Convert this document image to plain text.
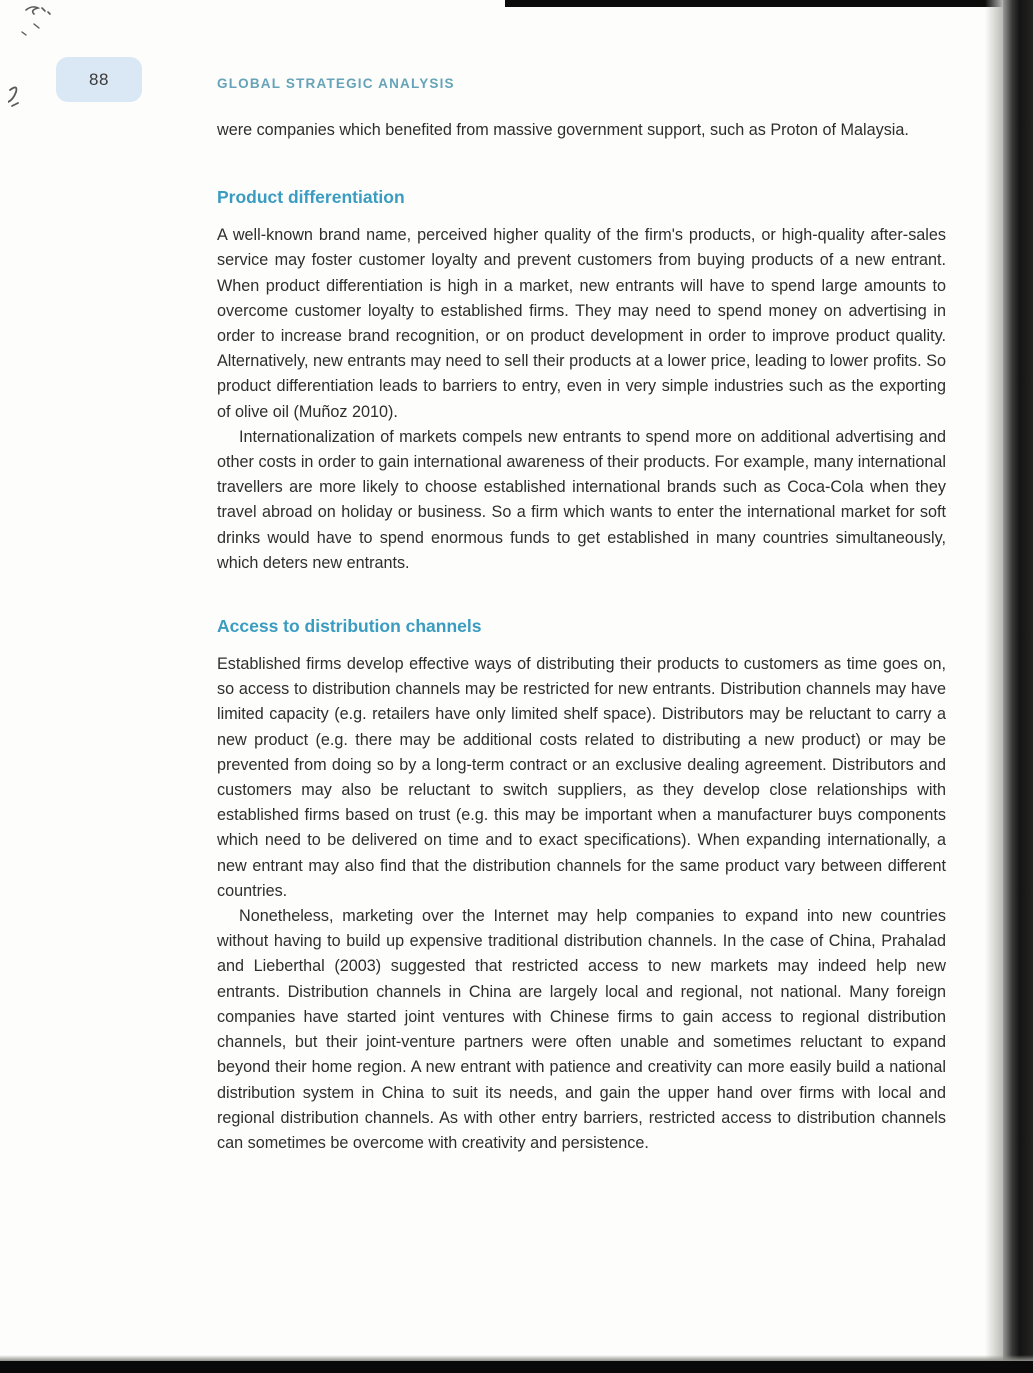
88	GLOBAL STRATEGIC ANALYSIS

were companies which benefited from massive government support, such as Proton of Malaysia.

Product differentiation

A well-known brand name, perceived higher quality of the firm's products, or high-quality after-sales service may foster customer loyalty and prevent customers from buying products of a new entrant. When product differentiation is high in a market, new entrants will have to spend large amounts to overcome customer loyalty to established firms. They may need to spend money on advertising in order to increase brand recognition, or on product development in order to improve product quality. Alternatively, new entrants may need to sell their products at a lower price, leading to lower profits. So product differentiation leads to barriers to entry, even in very simple industries such as the exporting of olive oil (Muñoz 2010).

Internationalization of markets compels new entrants to spend more on additional advertising and other costs in order to gain international awareness of their products. For example, many international travellers are more likely to choose established international brands such as Coca-Cola when they travel abroad on holiday or business. So a firm which wants to enter the international market for soft drinks would have to spend enormous funds to get established in many countries simultaneously, which deters new entrants.

Access to distribution channels

Established firms develop effective ways of distributing their products to customers as time goes on, so access to distribution channels may be restricted for new entrants. Distribution channels may have limited capacity (e.g. retailers have only limited shelf space). Distributors may be reluctant to carry a new product (e.g. there may be additional costs related to distributing a new product) or may be prevented from doing so by a long-term contract or an exclusive dealing agreement. Distributors and customers may also be reluctant to switch suppliers, as they develop close relationships with established firms based on trust (e.g. this may be important when a manufacturer buys components which need to be delivered on time and to exact specifications). When expanding internationally, a new entrant may also find that the distribution channels for the same product vary between different countries.

Nonetheless, marketing over the Internet may help companies to expand into new countries without having to build up expensive traditional distribution channels. In the case of China, Prahalad and Lieberthal (2003) suggested that restricted access to new markets may indeed help new entrants. Distribution channels in China are largely local and regional, not national. Many foreign companies have started joint ventures with Chinese firms to gain access to regional distribution channels, but their joint-venture partners were often unable and sometimes reluctant to expand beyond their home region. A new entrant with patience and creativity can more easily build a national distribution system in China to suit its needs, and gain the upper hand over firms with local and regional distribution channels. As with other entry barriers, restricted access to distribution channels can sometimes be overcome with creativity and persistence.
